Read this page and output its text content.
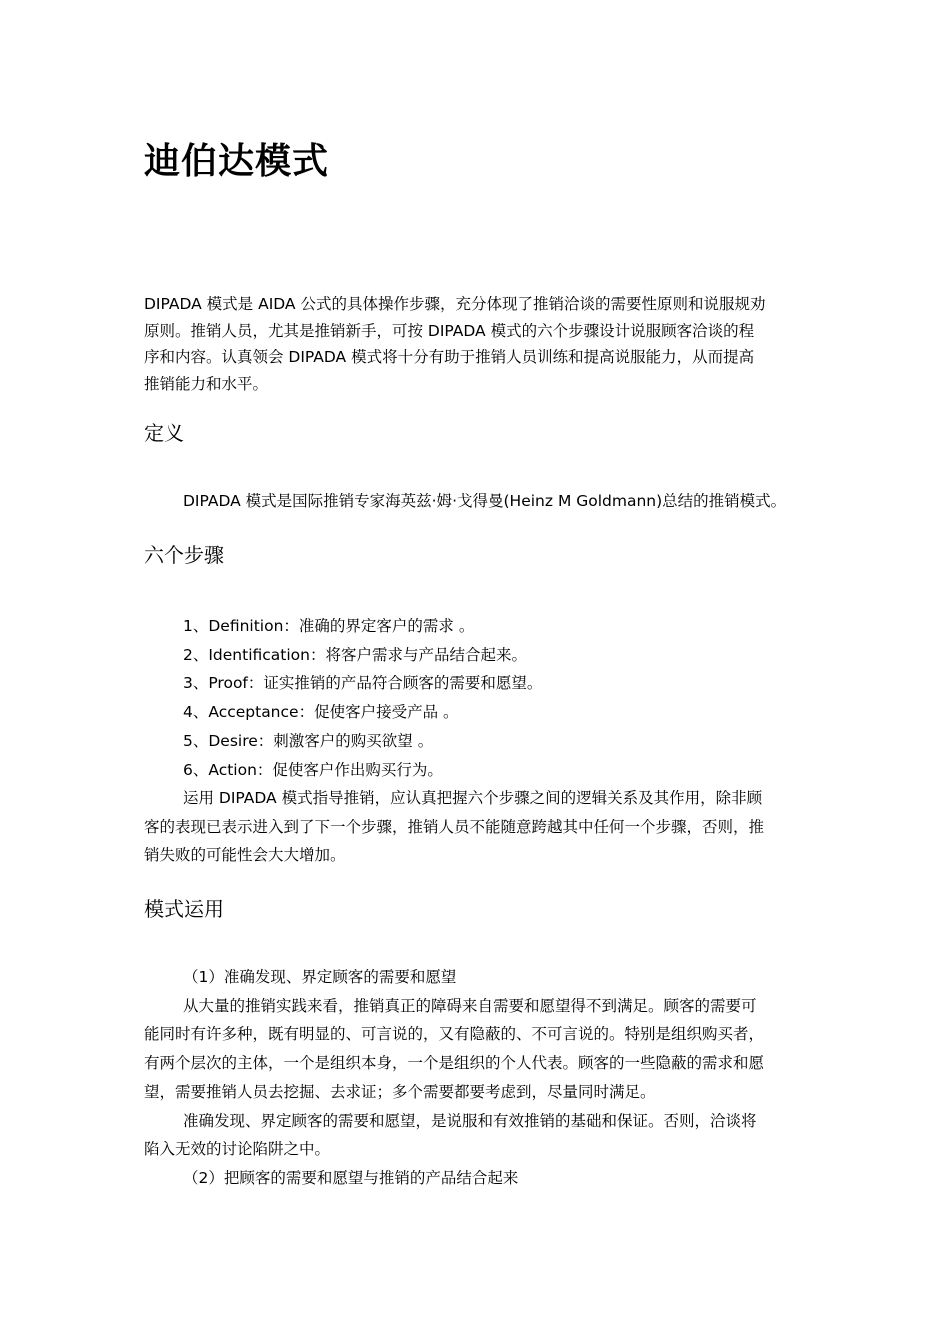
迪伯达模式
DIPADA 模式是 AIDA 公式的具体操作步骤，充分体现了推销洽谈的需要性原则和说服规劝
原则。推销人员，尤其是推销新手，可按 DIPADA 模式的六个步骤设计说服顾客洽谈的程
序和内容。认真领会 DIPADA 模式将十分有助于推销人员训练和提高说服能力，从而提高
推销能力和水平。
定义
DIPADA 模式是国际推销专家海英兹·姆·戈得曼(Heinz M Goldmann)总结的推销模式。
六个步骤
1、Definition：准确的界定客户的需求 。
2、Identification：将客户需求与产品结合起来。
3、Proof：证实推销的产品符合顾客的需要和愿望。
4、Acceptance：促使客户接受产品 。
5、Desire：刺激客户的购买欲望 。
6、Action：促使客户作出购买行为。
运用 DIPADA 模式指导推销，应认真把握六个步骤之间的逻辑关系及其作用，除非顾
客的表现已表示进入到了下一个步骤，推销人员不能随意跨越其中任何一个步骤，否则，推
销失败的可能性会大大增加。
模式运用
（1）准确发现、界定顾客的需要和愿望
从大量的推销实践来看，推销真正的障碍来自需要和愿望得不到满足。顾客的需要可
能同时有许多种，既有明显的、可言说的，又有隐蔽的、不可言说的。特别是组织购买者，
有两个层次的主体，一个是组织本身，一个是组织的个人代表。顾客的一些隐蔽的需求和愿
望，需要推销人员去挖掘、去求证；多个需要都要考虑到，尽量同时满足。
准确发现、界定顾客的需要和愿望，是说服和有效推销的基础和保证。否则，洽谈将
陷入无效的讨论陷阱之中。
（2）把顾客的需要和愿望与推销的产品结合起来
